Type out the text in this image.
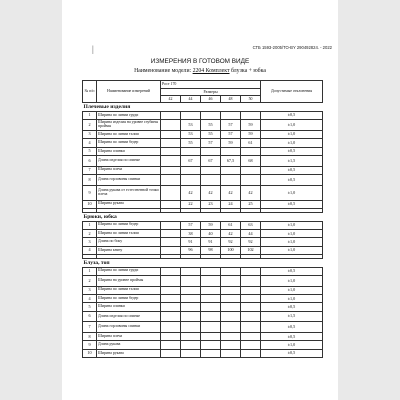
|	СТБ 1593-2005/ТО-BY 290492824. - 2022
ИЗМЕРЕНИЯ В ГОТОВОМ ВИДЕ
Наименование модели: 2204 Комплект блузка + юбка
№ п/п	Наименование измерений	Рост 170					Допустимые отклонения
		Размеры					
		42	44	46	48	50	
Плечевые изделия							
1	Ширина по линии груди						±0,5
2	Ширина изделия на уровне глубины проймы		53	55	57	59	±1,0
3	Ширина по линии талии		53	55	57	59	±1,0
4	Ширина по линии бедер		55	57	59	61	±1,0
5	Ширина спинки						±0,5
6	Длина изделия по спинке		67	67	67,5	68	±1,5
7	Ширина плеча						±0,5
8	Длина горловины спинки						±0,5
9	Длина рукава от естественной точки плеча		42	42	42	42	±1,0
10	Ширина рукава		22	23	24	25	±0,5

Брюки, юбка							
1	Ширина по линии бедер		57	59	61	63	±1,0
2	Ширина по линии талии		38	40	42	44	±1,0
3	Длина по боку		91	91	92	92	±1,0
4	Ширина книзу		96	98	100	102	±1,0

Блуза, топ							
1	Ширина по линии груди						±0,5
2	Ширина на уровне проймы						±1,0
3	Ширина по линии талии						±1,0
4	Ширина по линии бедер						±1,0
5	Ширина спинки						±0,5
6	Длина изделия по спинке						±1,5
7	Длина горловины спинки						±0,5
8	Ширина плеча						±0,5
9	Длина рукава						±1,0
10	Ширина рукава						±0,5
